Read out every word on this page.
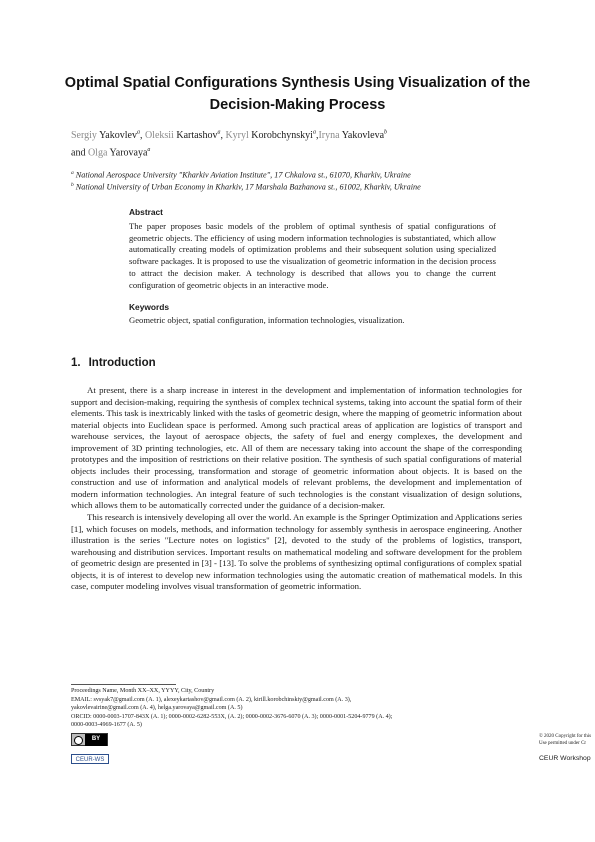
Optimal Spatial Configurations Synthesis Using Visualization of the Decision-Making Process
Sergiy Yakovlev$^a$, Oleksii Kartashov$^a$, Kyryl Korobchynskyi$^a$,Iryna Yakovleva$^b$
and Olga Yarovaya$^a$
$^a$ National Aerospace University "Kharkiv Aviation Institute", 17 Chkalova st., 61070, Kharkiv, Ukraine
$^b$ National University of Urban Economy in Kharkiv, 17 Marshala Bazhanova st., 61002, Kharkiv, Ukraine
Abstract
The paper proposes basic models of the problem of optimal synthesis of spatial configurations of geometric objects. The efficiency of using modern information technologies is substantiated, which allow automatically creating models of optimization problems and their subsequent solution using specialized software packages. It is proposed to use the visualization of geometric information in the decision process to attract the decision maker. A technology is described that allows you to change the current configuration of geometric objects in an interactive mode.
Keywords
Geometric object, spatial configuration, information technologies, visualization.
1. Introduction

At present, there is a sharp increase in interest in the development and implementation of information technologies for support and decision-making, requiring the synthesis of complex technical systems, taking into account the spatial form of their elements. This task is inextricably linked with the tasks of geometric design, where the mapping of geometric information about material objects into Euclidean space is performed. Among such practical areas of application are logistics of transport and warehouse services, the layout of aerospace objects, the safety of fuel and energy complexes, the development and improvement of 3D printing technologies, etc. All of them are necessary taking into account the shape of the corresponding prototypes and the imposition of restrictions on their relative position. The synthesis of such spatial configurations of material objects includes their processing, transformation and storage of geometric information about objects. It is based on the construction and use of information and analytical models of relevant problems, the development and implementation of modern information technologies. An integral feature of such technologies is the constant visualization of design solutions, which allows them to be automatically corrected under the guidance of a decision-maker.

This research is intensively developing all over the world. An example is the Springer Optimization and Applications series [1], which focuses on models, methods, and information technology for assembly synthesis in aerospace engineering. Another illustration is the series "Lecture notes on logistics" [2], devoted to the study of the problems of logistics, transport, warehousing and distribution services. Important results on mathematical modeling and software development for the problem of geometric design are presented in [3] - [13]. To solve the problems of synthesizing optimal configurations of complex spatial objects, it is of interest to develop new information technologies using the automatic creation of mathematical models. In this case, computer modeling involves visual transformation of geometric information.

Proceedings Name, Month XX–XX, YYYY, City, Country
EMAIL: svsyak7@gmail.com (A. 1), alexeykartashov@gmail.com (A. 2), kirill.korobchinskiy@gmail.com (A. 3),
yakovlevairine@gmail.com (A. 4), helga.yarovaya@gmail.com (A. 5)
ORCID: 0000-0003-1707-843X (A. 1); 0000-0002-6282-553X, (A. 2); 0000-0002-3676-6070 (A. 3); 0000-0001-5204-9779 (A. 4);
0000-0003-4969-1677 (A. 5)
BY
CEUR-WS
© 2020 Copyright for this
Use permitted under Cr
CEUR Workshop
